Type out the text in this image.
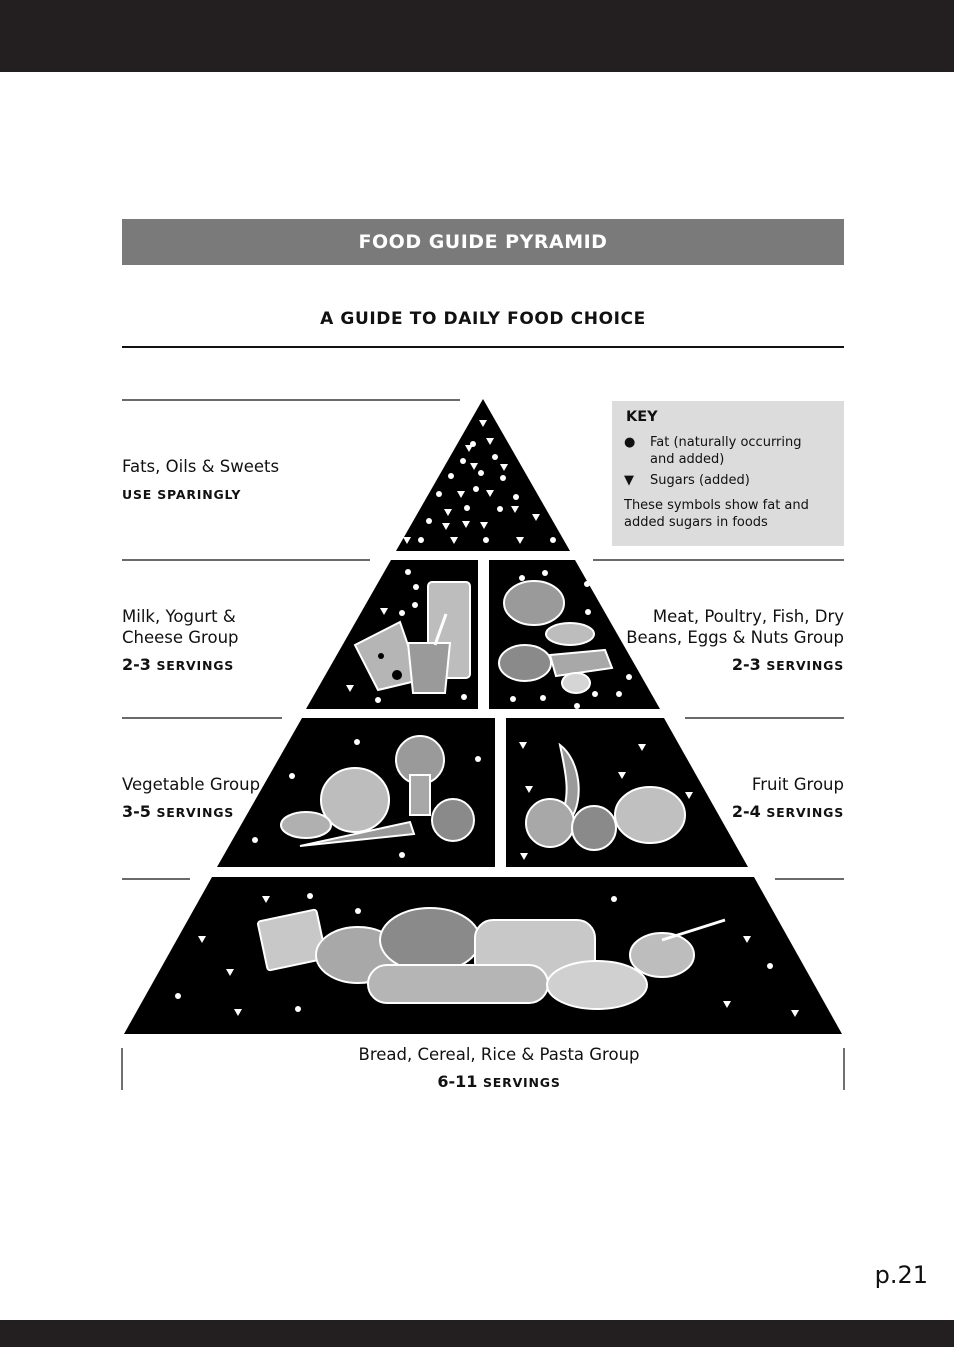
FOOD GUIDE PYRAMID
A GUIDE TO DAILY FOOD CHOICE
Fats, Oils & Sweets
USE SPARINGLY
Milk, Yogurt &
Cheese Group
2-3 SERVINGS
Meat, Poultry, Fish, Dry
Beans, Eggs & Nuts Group
2-3 SERVINGS
Vegetable Group
3-5 SERVINGS
Fruit Group
2-4 SERVINGS
Bread, Cereal, Rice & Pasta Group
6-11 SERVINGS
KEY
●	Fat (naturally occurring
and added)
▼	Sugars (added)
These symbols show fat and added sugars in foods
p.21
